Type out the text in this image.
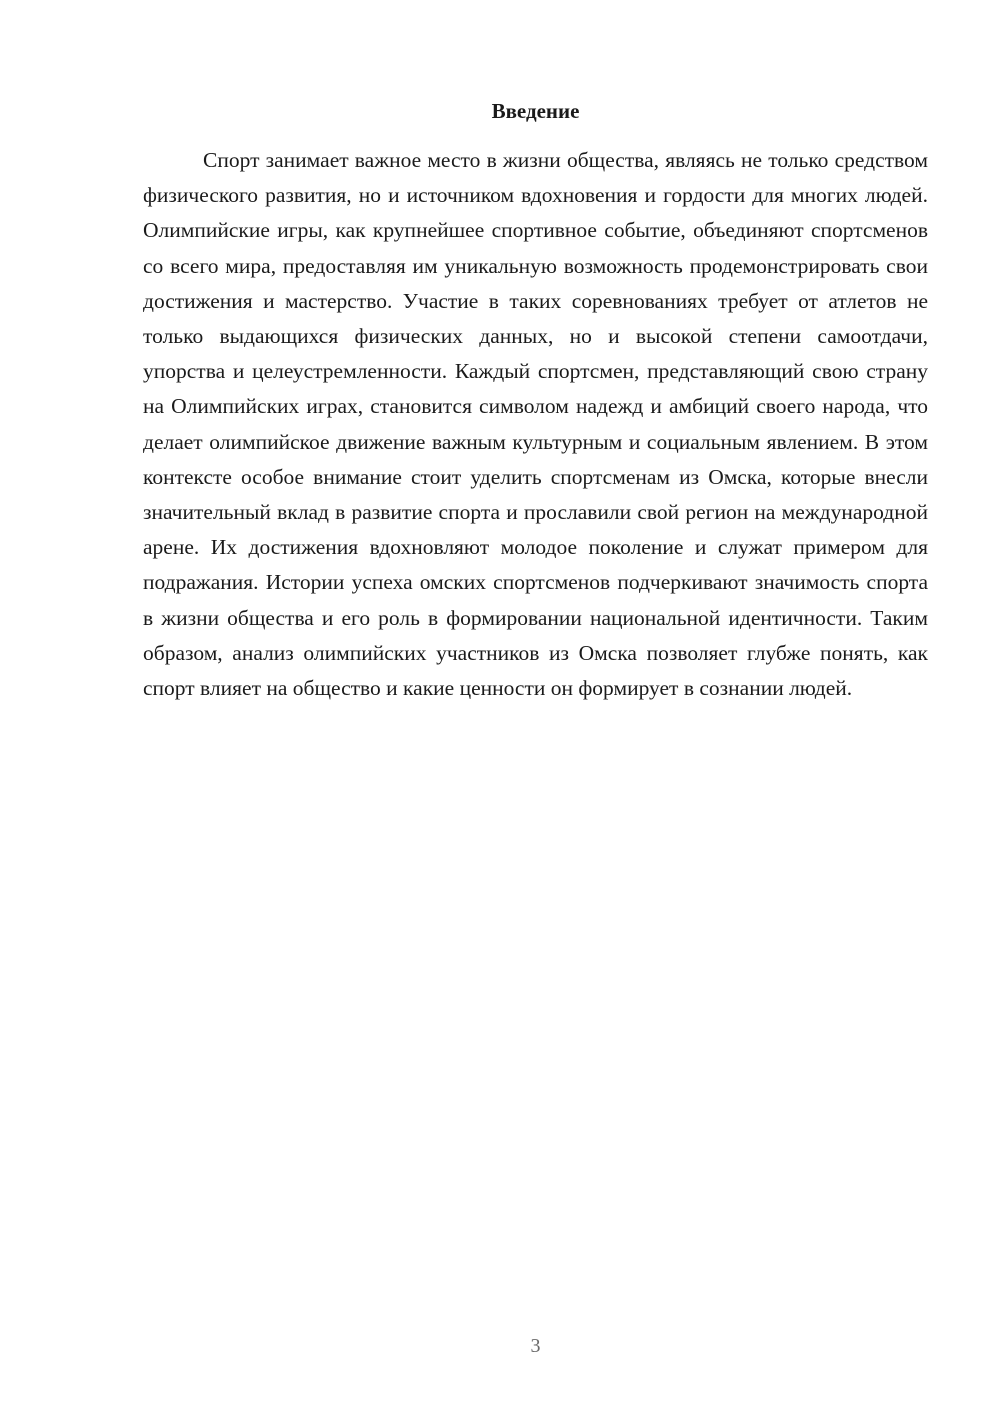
Введение

Спорт занимает важное место в жизни общества, являясь не только средством физического развития, но и источником вдохновения и гордости для многих людей. Олимпийские игры, как крупнейшее спортивное событие, объединяют спортсменов со всего мира, предоставляя им уникальную возможность продемонстрировать свои достижения и мастерство. Участие в таких соревнованиях требует от атлетов не только выдающихся физических данных, но и высокой степени самоотдачи, упорства и целеустремленности. Каждый спортсмен, представляющий свою страну на Олимпийских играх, становится символом надежд и амбиций своего народа, что делает олимпийское движение важным культурным и социальным явлением. В этом контексте особое внимание стоит уделить спортсменам из Омска, которые внесли значительный вклад в развитие спорта и прославили свой регион на международной арене. Их достижения вдохновляют молодое поколение и служат примером для подражания. Истории успеха омских спортсменов подчеркивают значимость спорта в жизни общества и его роль в формировании национальной идентичности. Таким образом, анализ олимпийских участников из Омска позволяет глубже понять, как спорт влияет на общество и какие ценности он формирует в сознании людей.

3
